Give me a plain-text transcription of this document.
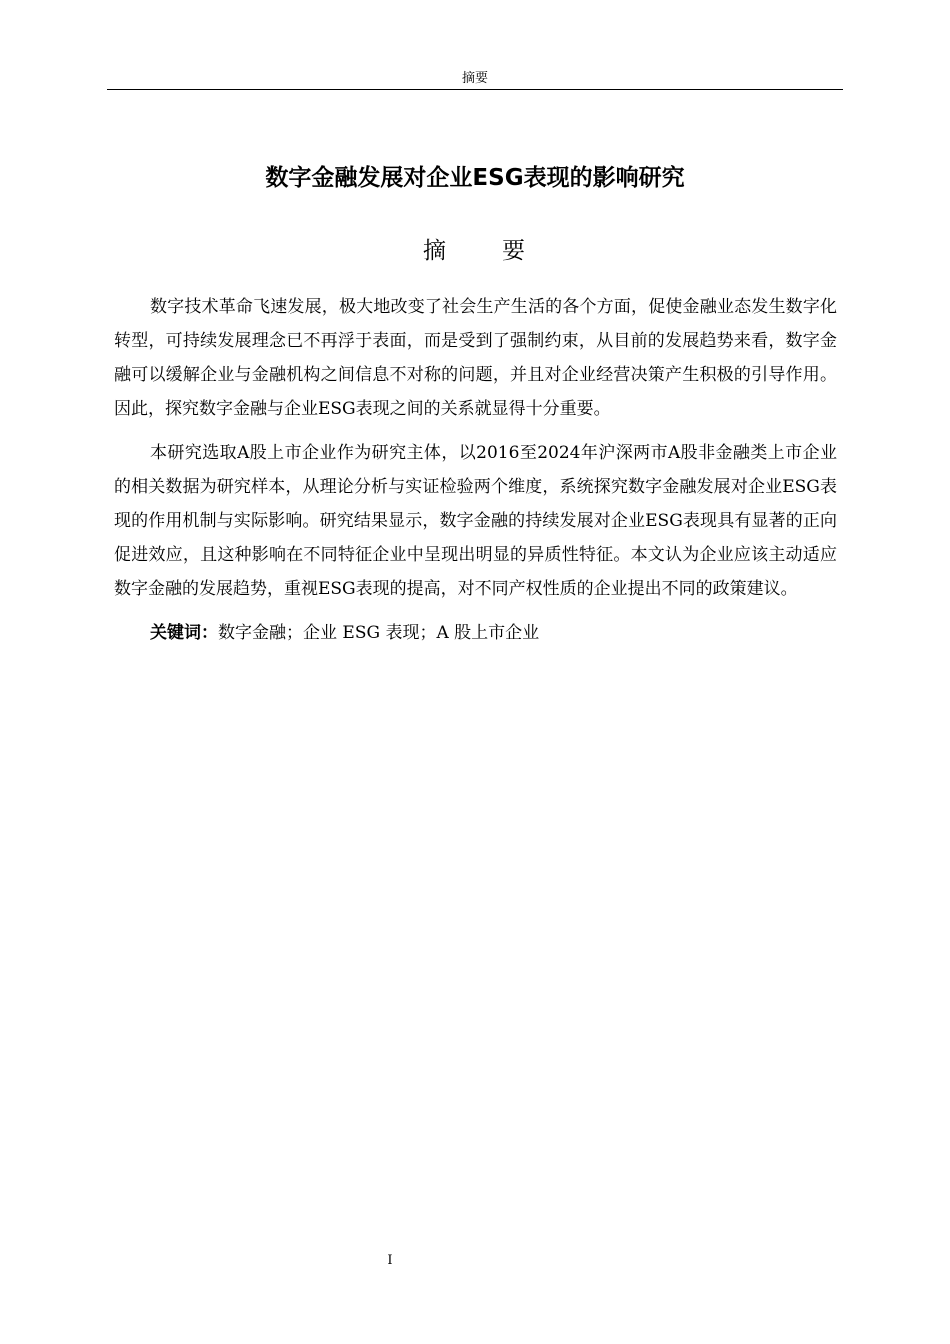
摘要
数字金融发展对企业ESG表现的影响研究
摘 要

数字技术革命飞速发展，极大地改变了社会生产生活的各个方面，促使金融业态发生数字化转型，可持续发展理念已不再浮于表面，而是受到了强制约束，从目前的发展趋势来看，数字金融可以缓解企业与金融机构之间信息不对称的问题，并且对企业经营决策产生积极的引导作用。因此，探究数字金融与企业ESG表现之间的关系就显得十分重要。

本研究选取A股上市企业作为研究主体，以2016至2024年沪深两市A股非金融类上市企业的相关数据为研究样本，从理论分析与实证检验两个维度，系统探究数字金融发展对企业ESG表现的作用机制与实际影响。研究结果显示，数字金融的持续发展对企业ESG表现具有显著的正向促进效应，且这种影响在不同特征企业中呈现出明显的异质性特征。本文认为企业应该主动适应数字金融的发展趋势，重视ESG表现的提高，对不同产权性质的企业提出不同的政策建议。

关键词：数字金融；企业 ESG 表现；A 股上市企业

I
